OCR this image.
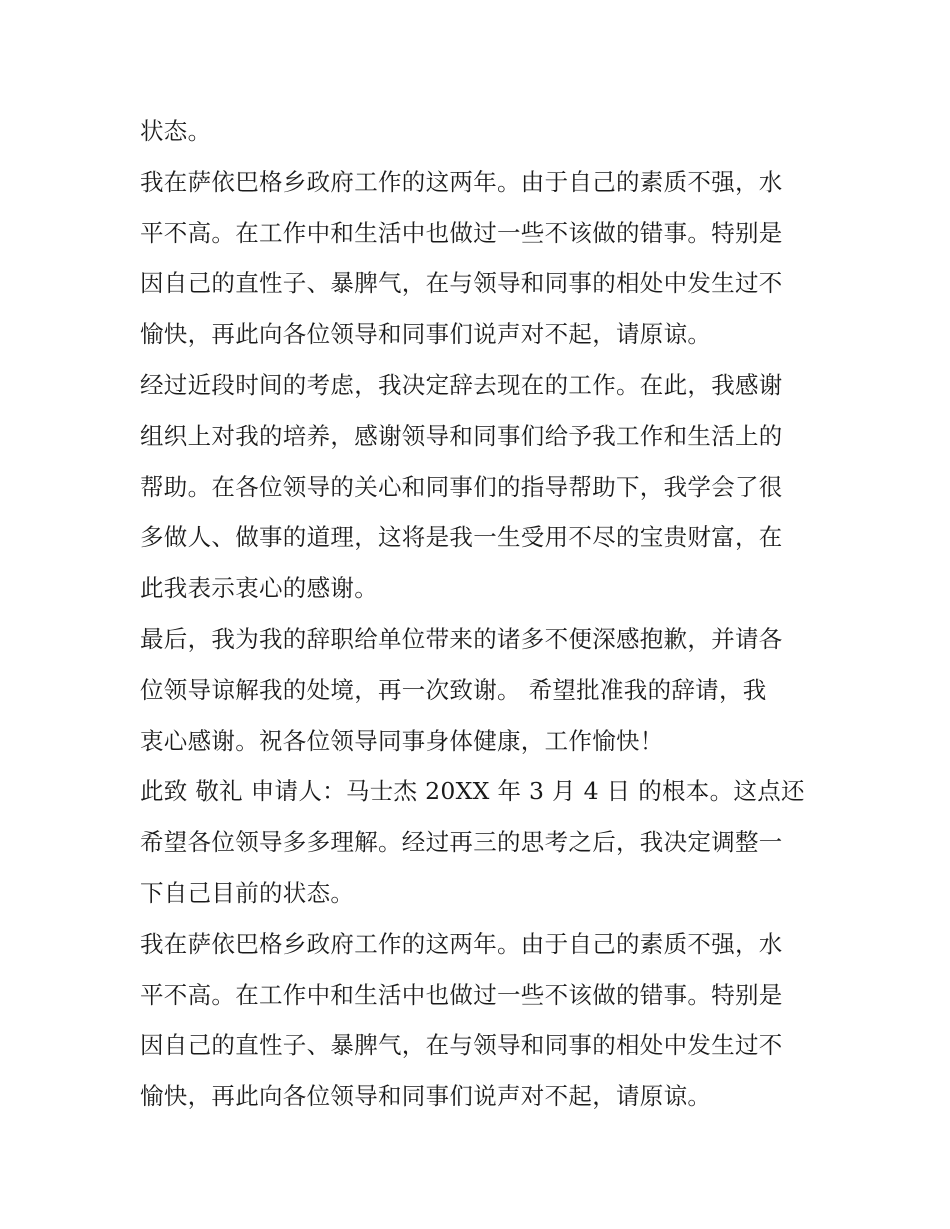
状态。
我在萨依巴格乡政府工作的这两年。由于自己的素质不强，水
平不高。在工作中和生活中也做过一些不该做的错事。特别是
因自己的直性子、暴脾气，在与领导和同事的相处中发生过不
愉快，再此向各位领导和同事们说声对不起，请原谅。
经过近段时间的考虑，我决定辞去现在的工作。在此，我感谢
组织上对我的培养，感谢领导和同事们给予我工作和生活上的
帮助。在各位领导的关心和同事们的指导帮助下，我学会了很
多做人、做事的道理，这将是我一生受用不尽的宝贵财富，在
此我表示衷心的感谢。
最后，我为我的辞职给单位带来的诸多不便深感抱歉，并请各
位领导谅解我的处境，再一次致谢。 希望批准我的辞请，我
衷心感谢。祝各位领导同事身体健康，工作愉快！
此致 敬礼 申请人：马士杰 20XX 年 3 月 4 日 的根本。这点还
希望各位领导多多理解。经过再三的思考之后，我决定调整一
下自己目前的状态。
我在萨依巴格乡政府工作的这两年。由于自己的素质不强，水
平不高。在工作中和生活中也做过一些不该做的错事。特别是
因自己的直性子、暴脾气，在与领导和同事的相处中发生过不
愉快，再此向各位领导和同事们说声对不起，请原谅。
